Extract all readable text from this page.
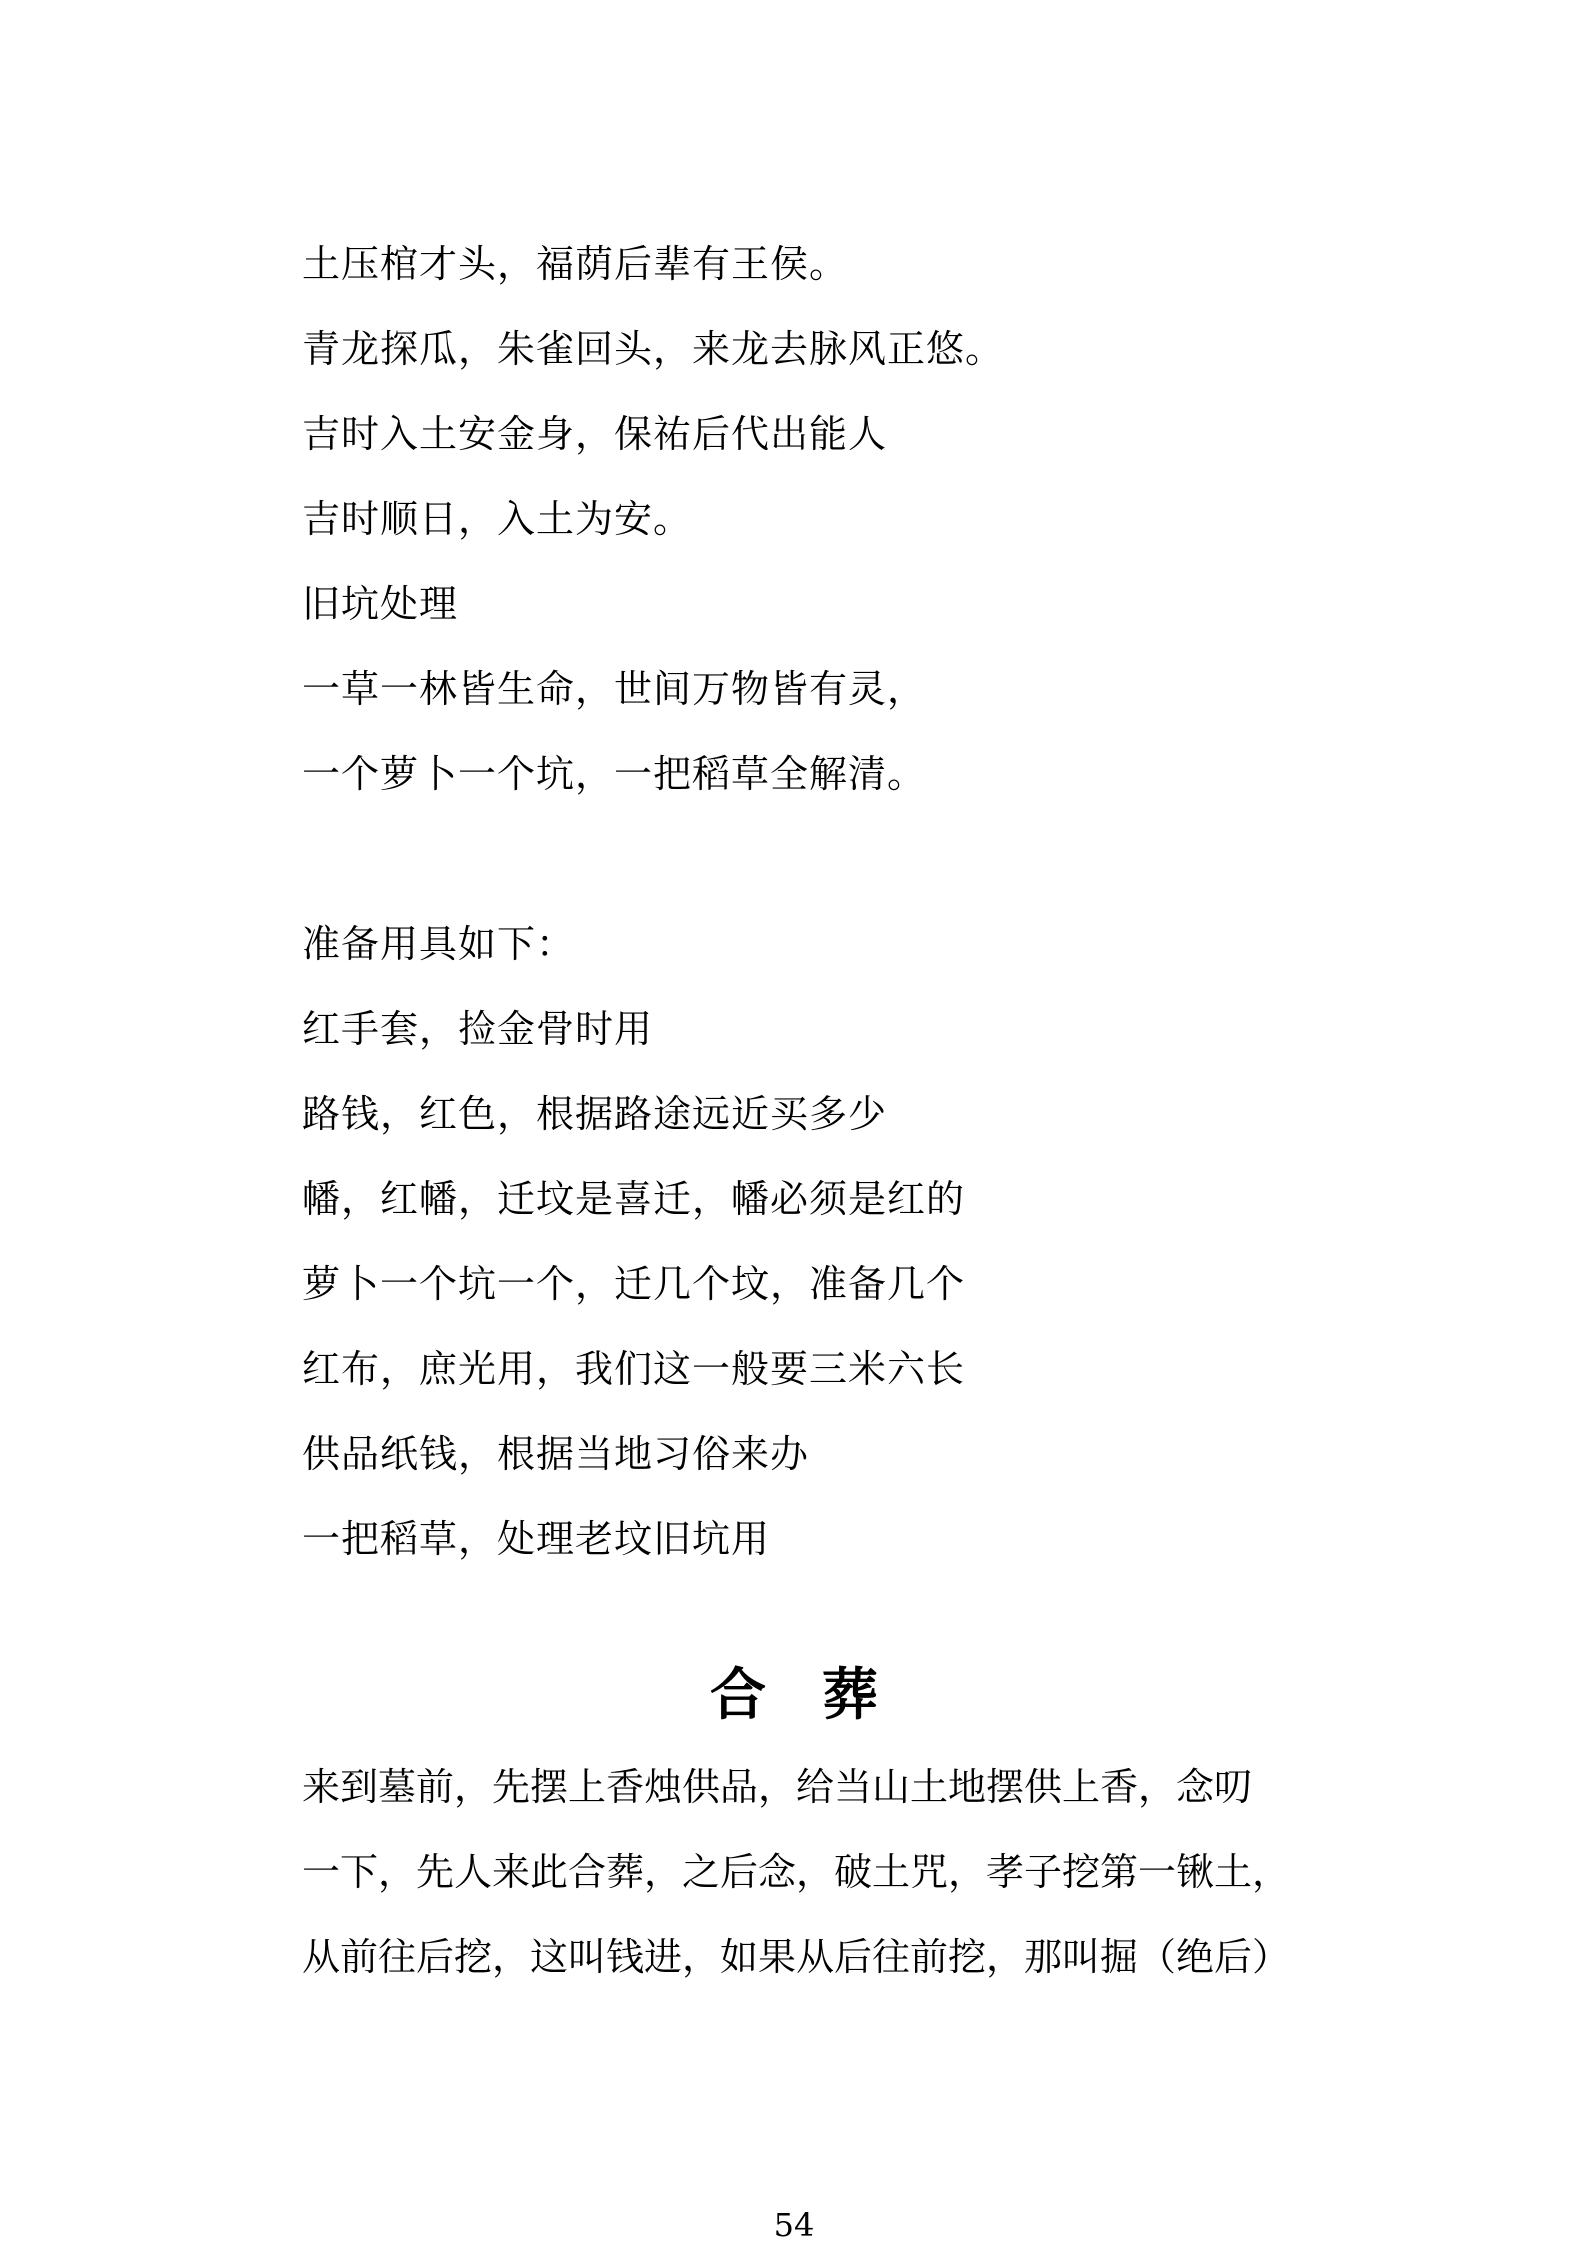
土压棺才头，福荫后辈有王侯。
青龙探瓜，朱雀回头，来龙去脉风正悠。
吉时入土安金身，保祐后代出能人
吉时顺日，入土为安。
旧坑处理
一草一林皆生命，世间万物皆有灵，
一个萝卜一个坑，一把稻草全解清。
准备用具如下：
红手套，捡金骨时用
路钱，红色，根据路途远近买多少
幡，红幡，迁坟是喜迁，幡必须是红的
萝卜一个坑一个，迁几个坟，准备几个
红布，庶光用，我们这一般要三米六长
供品纸钱，根据当地习俗来办
一把稻草，处理老坟旧坑用
合　葬
来到墓前，先摆上香烛供品，给当山土地摆供上香，念叨
一下，先人来此合葬，之后念，破土咒，孝子挖第一锹土，
从前往后挖，这叫钱进，如果从后往前挖，那叫掘（绝后）
54
